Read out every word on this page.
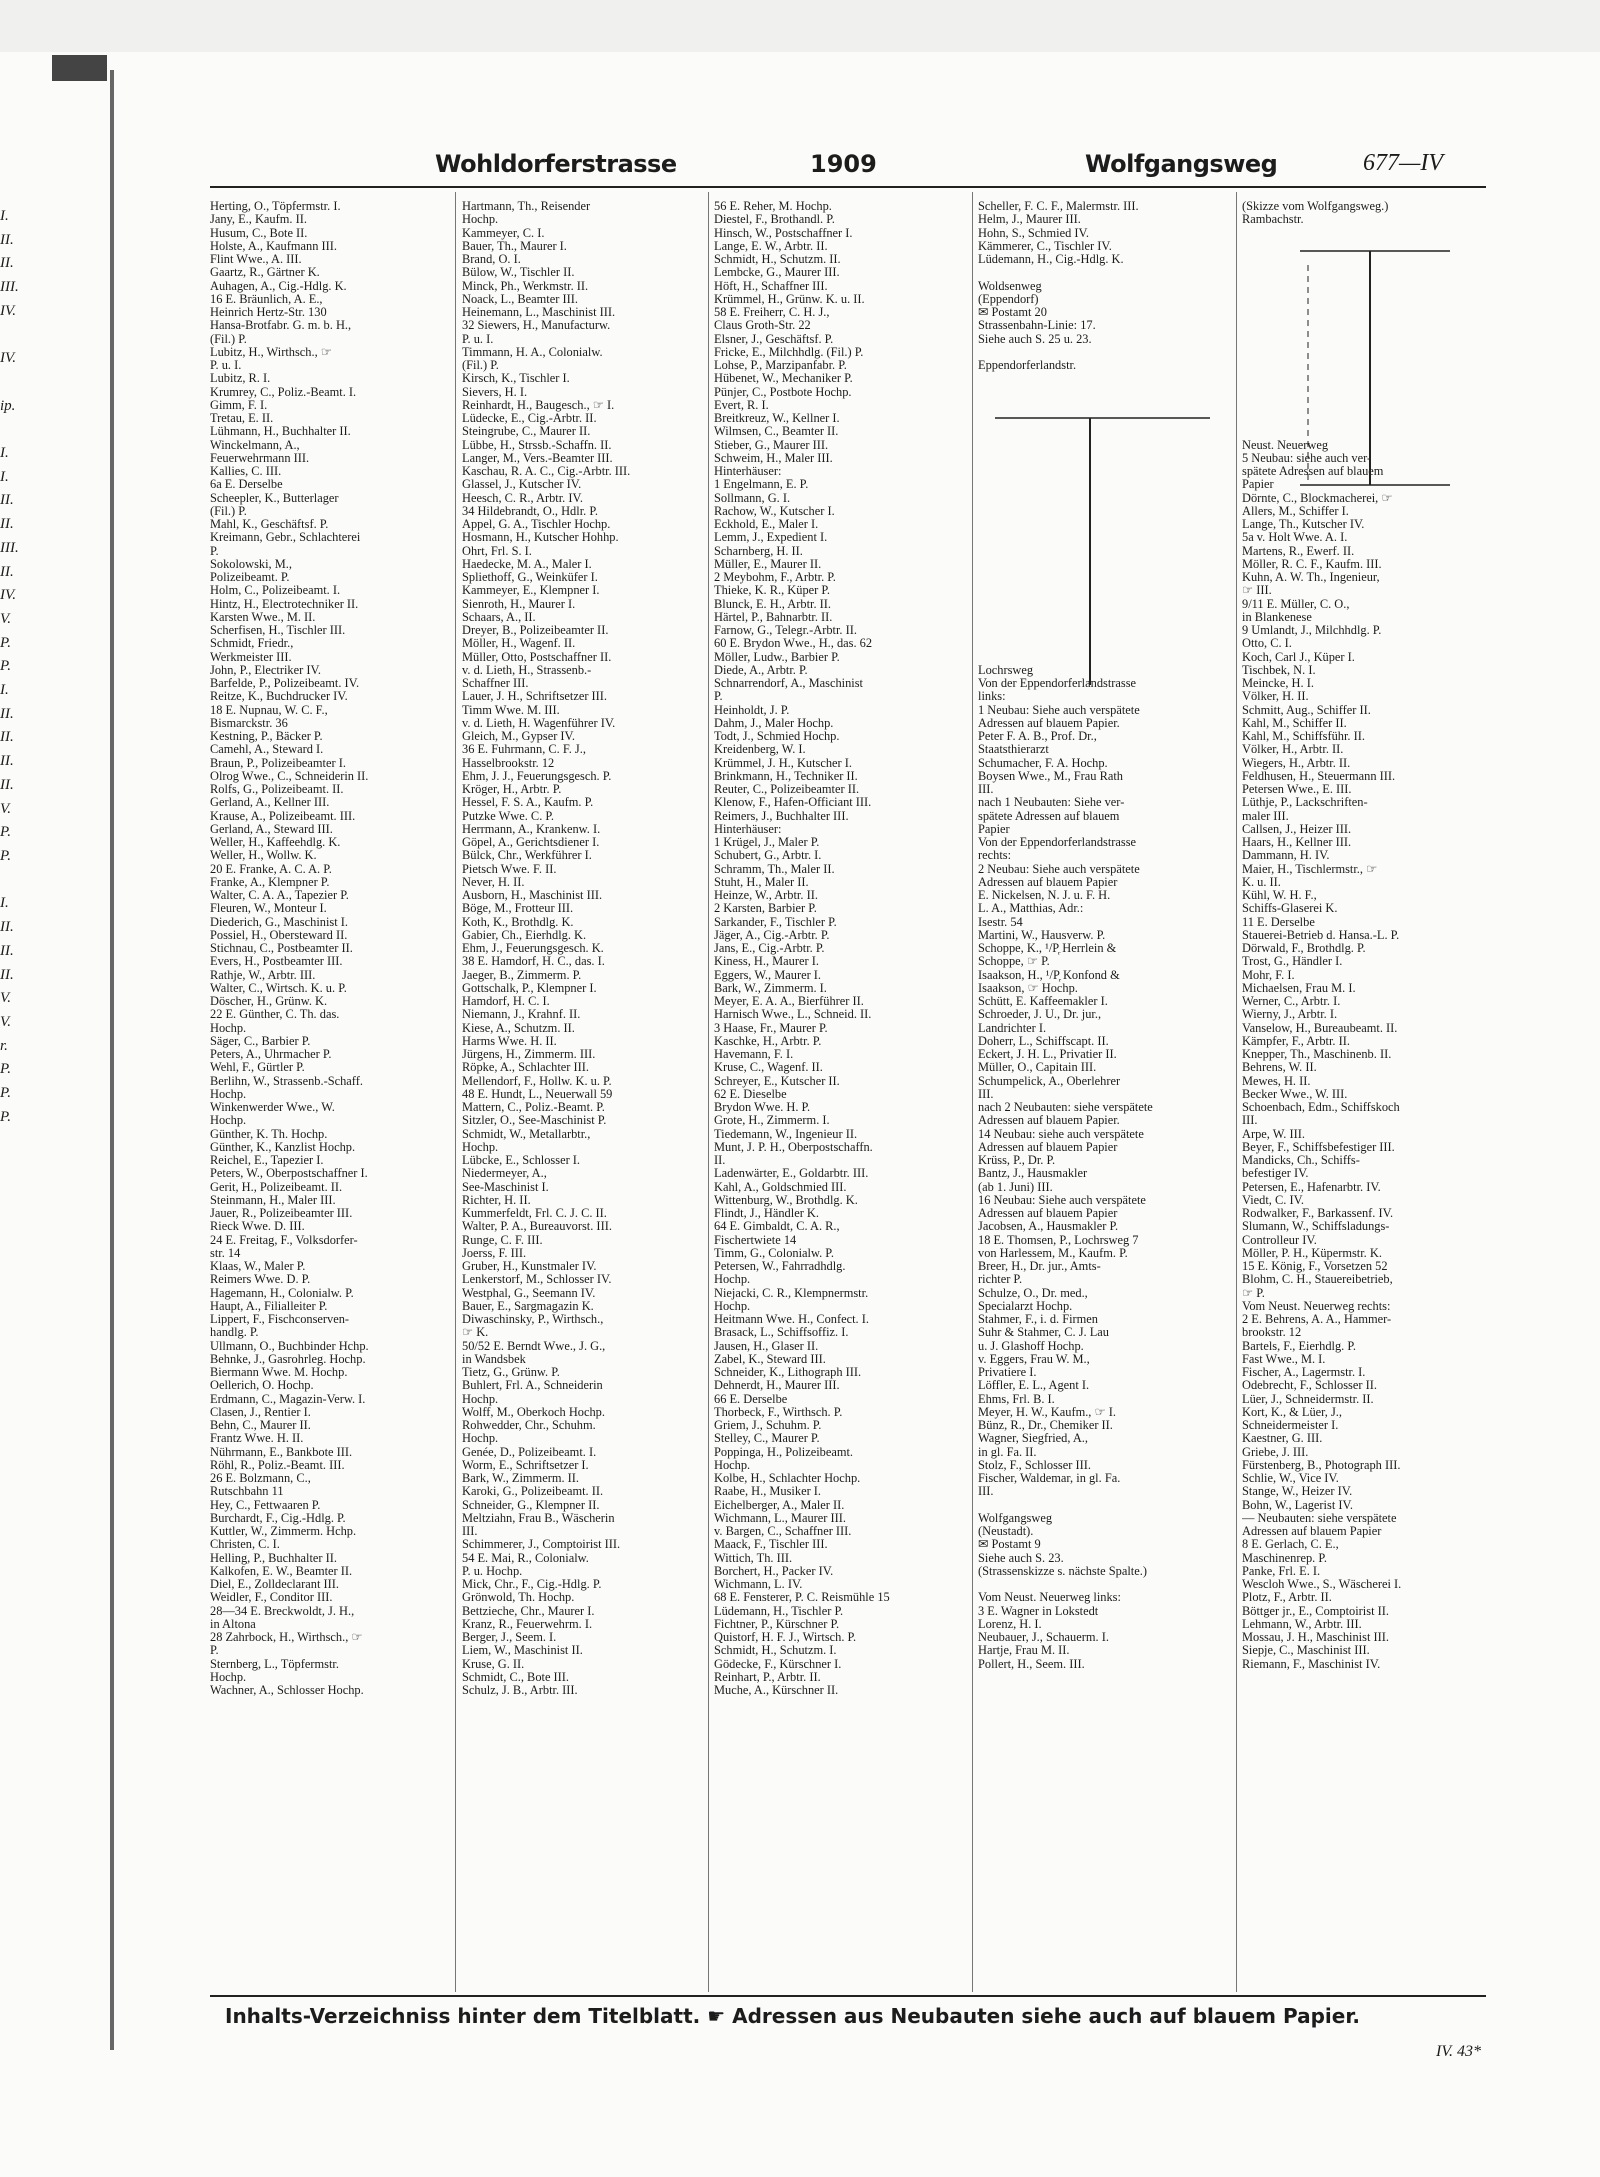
I.
II.
II.
III.
IV.

IV.

ip.

I.
I.
II.
II.
III.
II.
IV.
V.
P.
P.
I.
II.
II.
II.
II.
V.
P.
P.

I.
II.
II.
II.
V.
V.
r.
P.
P.
P.
Wohldorferstrasse	1909	Wolfgangsweg	677—IV
Herting, O., Töpfermstr. I.
Jany, E., Kaufm. II.
Husum, C., Bote II.
Holste, A., Kaufmann III.
Flint Wwe., A. III.
Gaartz, R., Gärtner K.
Auhagen, A., Cig.-Hdlg. K.
16 E. Bräunlich, A. E.,
Heinrich Hertz-Str. 130
Hansa-Brotfabr. G. m. b. H.,
(Fil.) P.
Lubitz, H., Wirthsch., ☞
P. u. I.
Lubitz, R. I.
Krumrey, C., Poliz.-Beamt. I.
Gimm, F. I.
Tretau, E. II.
Lühmann, H., Buchhalter II.
Winckelmann, A.,
Feuerwehrmann III.
Kallies, C. III.
6a E. Derselbe
Scheepler, K., Butterlager
(Fil.) P.
Mahl, K., Geschäftsf. P.
Kreimann, Gebr., Schlachterei
P.
Sokolowski, M.,
Polizeibeamt. P.
Holm, C., Polizeibeamt. I.
Hintz, H., Electrotechniker II.
Karsten Wwe., M. II.
Scherfisen, H., Tischler III.
Schmidt, Friedr.,
Werkmeister III.
John, P., Electriker IV.
Barfelde, P., Polizeibeamt. IV.
Reitze, K., Buchdrucker IV.
18 E. Nupnau, W. C. F.,
Bismarckstr. 36
Kestning, P., Bäcker P.
Camehl, A., Steward I.
Braun, P., Polizeibeamter I.
Olrog Wwe., C., Schneiderin II.
Rolfs, G., Polizeibeamt. II.
Gerland, A., Kellner III.
Krause, A., Polizeibeamt. III.
Gerland, A., Steward III.
Weller, H., Kaffeehdlg. K.
Weller, H., Wollw. K.
20 E. Franke, A. C. A. P.
Franke, A., Klempner P.
Walter, C. A. A., Tapezier P.
Fleuren, W., Monteur I.
Diederich, G., Maschinist I.
Possiel, H., Obersteward II.
Stichnau, C., Postbeamter II.
Evers, H., Postbeamter III.
Rathje, W., Arbtr. III.
Walter, C., Wirtsch. K. u. P.
Döscher, H., Grünw. K.
22 E. Günther, C. Th. das.
Hochp.
Säger, C., Barbier P.
Peters, A., Uhrmacher P.
Wehl, F., Gürtler P.
Berlihn, W., Strassenb.-Schaff.
Hochp.
Winkenwerder Wwe., W.
Hochp.
Günther, K. Th. Hochp.
Günther, K., Kanzlist Hochp.
Reichel, E., Tapezier I.
Peters, W., Oberpostschaffner I.
Gerit, H., Polizeibeamt. II.
Steinmann, H., Maler III.
Jauer, R., Polizeibeamter III.
Rieck Wwe. D. III.
24 E. Freitag, F., Volksdorfer-
str. 14
Klaas, W., Maler P.
Reimers Wwe. D. P.
Hagemann, H., Colonialw. P.
Haupt, A., Filialleiter P.
Lippert, F., Fischconserven-
handlg. P.
Ullmann, O., Buchbinder Hchp.
Behnke, J., Gasrohrleg. Hochp.
Biermann Wwe. M. Hochp.
Oellerich, O. Hochp.
Erdmann, C., Magazin-Verw. I.
Clasen, J., Rentier I.
Behn, C., Maurer II.
Frantz Wwe. H. II.
Nührmann, E., Bankbote III.
Röhl, R., Poliz.-Beamt. III.
26 E. Bolzmann, C.,
Rutschbahn 11
Hey, C., Fettwaaren P.
Burchardt, F., Cig.-Hdlg. P.
Kuttler, W., Zimmerm. Hchp.
Christen, C. I.
Helling, P., Buchhalter II.
Kalkofen, E. W., Beamter II.
Diel, E., Zolldeclarant III.
Weidler, F., Conditor III.
28—34 E. Breckwoldt, J. H.,
in Altona
28 Zahrbock, H., Wirthsch., ☞
P.
Sternberg, L., Töpfermstr.
Hochp.
Wachner, A., Schlosser Hochp.
Hartmann, Th., Reisender
Hochp.
Kammeyer, C. I.
Bauer, Th., Maurer I.
Brand, O. I.
Bülow, W., Tischler II.
Minck, Ph., Werkmstr. II.
Noack, L., Beamter III.
Heinemann, L., Maschinist III.
32 Siewers, H., Manufacturw.
P. u. I.
Timmann, H. A., Colonialw.
(Fil.) P.
Kirsch, K., Tischler I.
Sievers, H. I.
Reinhardt, H., Baugesch., ☞ I.
Lüdecke, E., Cig.-Arbtr. II.
Steingrube, C., Maurer II.
Lübbe, H., Strssb.-Schaffn. II.
Langer, M., Vers.-Beamter III.
Kaschau, R. A. C., Cig.-Arbtr. III.
Glassel, J., Kutscher IV.
Heesch, C. R., Arbtr. IV.
34 Hildebrandt, O., Hdlr. P.
Appel, G. A., Tischler Hochp.
Hosmann, H., Kutscher Hohhp.
Ohrt, Frl. S. I.
Haedecke, M. A., Maler I.
Spliethoff, G., Weinküfer I.
Kammeyer, E., Klempner I.
Sienroth, H., Maurer I.
Schaars, A., II.
Dreyer, B., Polizeibeamter II.
Möller, H., Wagenf. II.
Müller, Otto, Postschaffner II.
v. d. Lieth, H., Strassenb.-
Schaffner III.
Lauer, J. H., Schriftsetzer III.
Timm Wwe. M. III.
v. d. Lieth, H. Wagenführer IV.
Gleich, M., Gypser IV.
36 E. Fuhrmann, C. F. J.,
Hasselbrookstr. 12
Ehm, J. J., Feuerungsgesch. P.
Kröger, H., Arbtr. P.
Hessel, F. S. A., Kaufm. P.
Putzke Wwe. C. P.
Herrmann, A., Krankenw. I.
Göpel, A., Gerichtsdiener I.
Bülck, Chr., Werkführer I.
Pietsch Wwe. F. II.
Never, H. II.
Ausborn, H., Maschinist III.
Böge, M., Frotteur III.
Koth, K., Brothdlg. K.
Gabier, Ch., Eierhdlg. K.
Ehm, J., Feuerungsgesch. K.
38 E. Hamdorf, H. C., das. I.
Jaeger, B., Zimmerm. P.
Gottschalk, P., Klempner I.
Hamdorf, H. C. I.
Niemann, J., Krahnf. II.
Kiese, A., Schutzm. II.
Harms Wwe. H. II.
Jürgens, H., Zimmerm. III.
Röpke, A., Schlachter III.
Mellendorf, F., Hollw. K. u. P.
48 E. Hundt, L., Neuerwall 59
Mattern, C., Poliz.-Beamt. P.
Sitzler, O., See-Maschinist P.
Schmidt, W., Metallarbtr.,
Hochp.
Lübcke, E., Schlosser I.
Niedermeyer, A.,
See-Maschinist I.
Richter, H. II.
Kummerfeldt, Frl. C. J. C. II.
Walter, P. A., Bureauvorst. III.
Runge, C. F. III.
Joerss, F. III.
Gruber, H., Kunstmaler IV.
Lenkerstorf, M., Schlosser IV.
Westphal, G., Seemann IV.
Bauer, E., Sargmagazin K.
Diwaschinsky, P., Wirthsch.,
☞ K.
50/52 E. Berndt Wwe., J. G.,
in Wandsbek
Tietz, G., Grünw. P.
Buhlert, Frl. A., Schneiderin
Hochp.
Wolff, M., Oberkoch Hochp.
Rohwedder, Chr., Schuhm.
Hochp.
Genée, D., Polizeibeamt. I.
Worm, E., Schriftsetzer I.
Bark, W., Zimmerm. II.
Karoki, G., Polizeibeamt. II.
Schneider, G., Klempner II.
Meltziahn, Frau B., Wäscherin
III.
Schimmerer, J., Comptoirist III.
54 E. Mai, R., Colonialw.
P. u. Hochp.
Mick, Chr., F., Cig.-Hdlg. P.
Grönwold, Th. Hochp.
Bettzieche, Chr., Maurer I.
Kranz, R., Feuerwehrm. I.
Berger, J., Seem. I.
Liem, W., Maschinist II.
Kruse, G. II.
Schmidt, C., Bote III.
Schulz, J. B., Arbtr. III.
56 E. Reher, M. Hochp.
Diestel, F., Brothandl. P.
Hinsch, W., Postschaffner I.
Lange, E. W., Arbtr. II.
Schmidt, H., Schutzm. II.
Lembcke, G., Maurer III.
Höft, H., Schaffner III.
Krümmel, H., Grünw. K. u. II.
58 E. Freiherr, C. H. J.,
Claus Groth-Str. 22
Elsner, J., Geschäftsf. P.
Fricke, E., Milchhdlg. (Fil.) P.
Lohse, P., Marzipanfabr. P.
Hübenet, W., Mechaniker P.
Pünjer, C., Postbote Hochp.
Evert, R. I.
Breitkreuz, W., Kellner I.
Wilmsen, C., Beamter II.
Stieber, G., Maurer III.
Schweim, H., Maler III.
Hinterhäuser:
1 Engelmann, E. P.
Sollmann, G. I.
Rachow, W., Kutscher I.
Eckhold, E., Maler I.
Lemm, J., Expedient I.
Scharnberg, H. II.
Müller, E., Maurer II.
2 Meybohm, F., Arbtr. P.
Thieke, K. R., Küper P.
Blunck, E. H., Arbtr. II.
Härtel, P., Bahnarbtr. II.
Farnow, G., Telegr.-Arbtr. II.
60 E. Brydon Wwe., H., das. 62
Möller, Ludw., Barbier P.
Diede, A., Arbtr. P.
Schnarrendorf, A., Maschinist
P.
Heinholdt, J. P.
Dahm, J., Maler Hochp.
Todt, J., Schmied Hochp.
Kreidenberg, W. I.
Krümmel, J. H., Kutscher I.
Brinkmann, H., Techniker II.
Reuter, C., Polizeibeamter II.
Klenow, F., Hafen-Officiant III.
Reimers, J., Buchhalter III.
Hinterhäuser:
1 Krügel, J., Maler P.
Schubert, G., Arbtr. I.
Schramm, Th., Maler II.
Stuht, H., Maler II.
Heinze, W., Arbtr. II.
2 Karsten, Barbier P.
Sarkander, F., Tischler P.
Jäger, A., Cig.-Arbtr. P.
Jans, E., Cig.-Arbtr. P.
Kiness, H., Maurer I.
Eggers, W., Maurer I.
Bark, W., Zimmerm. I.
Meyer, E. A. A., Bierführer II.
Harnisch Wwe., L., Schneid. II.
3 Haase, Fr., Maurer P.
Kaschke, H., Arbtr. P.
Havemann, F. I.
Kruse, C., Wagenf. II.
Schreyer, E., Kutscher II.
62 E. Dieselbe
Brydon Wwe. H. P.
Grote, H., Zimmerm. I.
Tiedemann, W., Ingenieur II.
Munt, J. P. H., Oberpostschaffn.
II.
Ladenwärter, E., Goldarbtr. III.
Kahl, A., Goldschmied III.
Wittenburg, W., Brothdlg. K.
Flindt, J., Händler K.
64 E. Gimbaldt, C. A. R.,
Fischertwiete 14
Timm, G., Colonialw. P.
Petersen, W., Fahrradhdlg.
Hochp.
Niejacki, C. R., Klempnermstr.
Hochp.
Heitmann Wwe. H., Confect. I.
Brasack, L., Schiffsoffiz. I.
Jausen, H., Glaser II.
Zabel, K., Steward III.
Schneider, K., Lithograph III.
Dehnerdt, H., Maurer III.
66 E. Derselbe
Thorbeck, F., Wirthsch. P.
Griem, J., Schuhm. P.
Stelley, C., Maurer P.
Poppinga, H., Polizeibeamt.
Hochp.
Kolbe, H., Schlachter Hochp.
Raabe, H., Musiker I.
Eichelberger, A., Maler II.
Wichmann, L., Maurer III.
v. Bargen, C., Schaffner III.
Maack, F., Tischler III.
Wittich, Th. III.
Borchert, H., Packer IV.
Wichmann, L. IV.
68 E. Fensterer, P. C. Reismühle 15
Lüdemann, H., Tischler P.
Fichtner, P., Kürschner P.
Quistorf, H. F. J., Wirtsch. P.
Schmidt, H., Schutzm. I.
Gödecke, F., Kürschner I.
Reinhart, P., Arbtr. II.
Muche, A., Kürschner II.
Scheller, F. C. F., Malermstr. III.
Helm, J., Maurer III.
Hohn, S., Schmied IV.
Kämmerer, C., Tischler IV.
Lüdemann, H., Cig.-Hdlg. K.

Woldsenweg
(Eppendorf)
✉ Postamt 20
Strassenbahn-Linie: 17.
Siehe auch S. 25 u. 23.

Eppendorferlandstr.

Lochrsweg
Von der Eppendorferlandstrasse
links:
1 Neubau: Siehe auch verspätete
Adressen auf blauem Papier.
Peter F. A. B., Prof. Dr.,
Staatsthierarzt
Schumacher, F. A. Hochp.
Boysen Wwe., M., Frau Rath
III.
nach 1 Neubauten: Siehe ver-
spätete Adressen auf blauem
Papier
Von der Eppendorferlandstrasse
rechts:
2 Neubau: Siehe auch verspätete
Adressen auf blauem Papier
E. Nickelsen, N. J. u. F. H.
L. A., Matthias, Adr.:
Isestr. 54
Martini, W., Hausverw. P.
Schoppe, K., ¹/P᷊ Herrlein &
Schoppe, ☞ P.
Isaakson, H., ¹/P᷊ Konfond &
Isaakson, ☞ Hochp.
Schütt, E. Kaffeemakler I.
Schroeder, J. U., Dr. jur.,
Landrichter I.
Doherr, L., Schiffscapt. II.
Eckert, J. H. L., Privatier II.
Müller, O., Capitain III.
Schumpelick, A., Oberlehrer
III.
nach 2 Neubauten: siehe verspätete
Adressen auf blauem Papier.
14 Neubau: siehe auch verspätete
Adressen auf blauem Papier
Krüss, P., Dr. P.
Bantz, J., Hausmakler
(ab 1. Juni) III.
16 Neubau: Siehe auch verspätete
Adressen auf blauem Papier
Jacobsen, A., Hausmakler P.
18 E. Thomsen, P., Lochrsweg 7
von Harlessem, M., Kaufm. P.
Breer, H., Dr. jur., Amts-
richter P.
Schulze, O., Dr. med.,
Specialarzt Hochp.
Stahmer, F., i. d. Firmen
Suhr & Stahmer, C. J. Lau
u. J. Glashoff Hochp.
v. Eggers, Frau W. M.,
Privatiere I.
Löffler, E. L., Agent I.
Ehms, Frl. B. I.
Meyer, H. W., Kaufm., ☞ I.
Bünz, R., Dr., Chemiker II.
Wagner, Siegfried, A.,
in gl. Fa. II.
Stolz, F., Schlosser III.
Fischer, Waldemar, in gl. Fa.
III.

Wolfgangsweg
(Neustadt).
✉ Postamt 9
Siehe auch S. 23.
(Strassenskizze s. nächste Spalte.)

Vom Neust. Neuerweg links:
3 E. Wagner in Lokstedt
Lorenz, H. I.
Neubauer, J., Schauerm. I.
Hartje, Frau M. II.
Pollert, H., Seem. III.
(Skizze vom Wolfgangsweg.)
Rambachstr.

Neust. Neuerweg
5 Neubau: siehe auch ver-
spätete Adressen auf blauem
Papier
Dörnte, C., Blockmacherei, ☞
Allers, M., Schiffer I.
Lange, Th., Kutscher IV.
5a v. Holt Wwe. A. I.
Martens, R., Ewerf. II.
Möller, R. C. F., Kaufm. III.
Kuhn, A. W. Th., Ingenieur,
☞ III.
9/11 E. Müller, C. O.,
in Blankenese
9 Umlandt, J., Milchhdlg. P.
Otto, C. I.
Koch, Carl J., Küper I.
Tischbek, N. I.
Meincke, H. I.
Völker, H. II.
Schmitt, Aug., Schiffer II.
Kahl, M., Schiffer II.
Kahl, M., Schiffsführ. II.
Völker, H., Arbtr. II.
Wiegers, H., Arbtr. II.
Feldhusen, H., Steuermann III.
Petersen Wwe., E. III.
Lüthje, P., Lackschriften-
maler III.
Callsen, J., Heizer III.
Haars, H., Kellner III.
Dammann, H. IV.
Maier, H., Tischlermstr., ☞
K. u. II.
Kühl, W. H. F.,
Schiffs-Glaserei K.
11 E. Derselbe
Stauerei-Betrieb d. Hansa.-L. P.
Dörwald, F., Brothdlg. P.
Trost, G., Händler I.
Mohr, F. I.
Michaelsen, Frau M. I.
Werner, C., Arbtr. I.
Wierny, J., Arbtr. I.
Vanselow, H., Bureaubeamt. II.
Kämpfer, F., Arbtr. II.
Knepper, Th., Maschinenb. II.
Behrens, W. II.
Mewes, H. II.
Becker Wwe., W. III.
Schoenbach, Edm., Schiffskoch
III.
Arpe, W. III.
Beyer, F., Schiffsbefestiger III.
Mandicks, Ch., Schiffs-
befestiger IV.
Petersen, E., Hafenarbtr. IV.
Viedt, C. IV.
Rodwalker, F., Barkassenf. IV.
Slumann, W., Schiffsladungs-
Controlleur IV.
Möller, P. H., Küpermstr. K.
15 E. König, F., Vorsetzen 52
Blohm, C. H., Stauereibetrieb,
☞ P.
Vom Neust. Neuerweg rechts:
2 E. Behrens, A. A., Hammer-
brookstr. 12
Bartels, F., Eierhdlg. P.
Fast Wwe., M. I.
Fischer, A., Lagermstr. I.
Odebrecht, F., Schlosser II.
Lüer, J., Schneidermstr. II.
Kort, K., & Lüer, J.,
Schneidermeister I.
Kaestner, G. III.
Griebe, J. III.
Fürstenberg, B., Photograph III.
Schlie, W., Vice IV.
Stange, W., Heizer IV.
Bohn, W., Lagerist IV.
— Neubauten: siehe verspätete
Adressen auf blauem Papier
8 E. Gerlach, C. E.,
Maschinenrep. P.
Panke, Frl. E. I.
Wescloh Wwe., S., Wäscherei I.
Plotz, F., Arbtr. II.
Böttger jr., E., Comptoirist II.
Lehmann, W., Arbtr. III.
Mossau, J. H., Maschinist III.
Siepje, C., Maschinist III.
Riemann, F., Maschinist IV.
Inhalts-Verzeichniss hinter dem Titelblatt. ☛ Adressen aus Neubauten siehe auch auf blauem Papier.
IV. 43*
